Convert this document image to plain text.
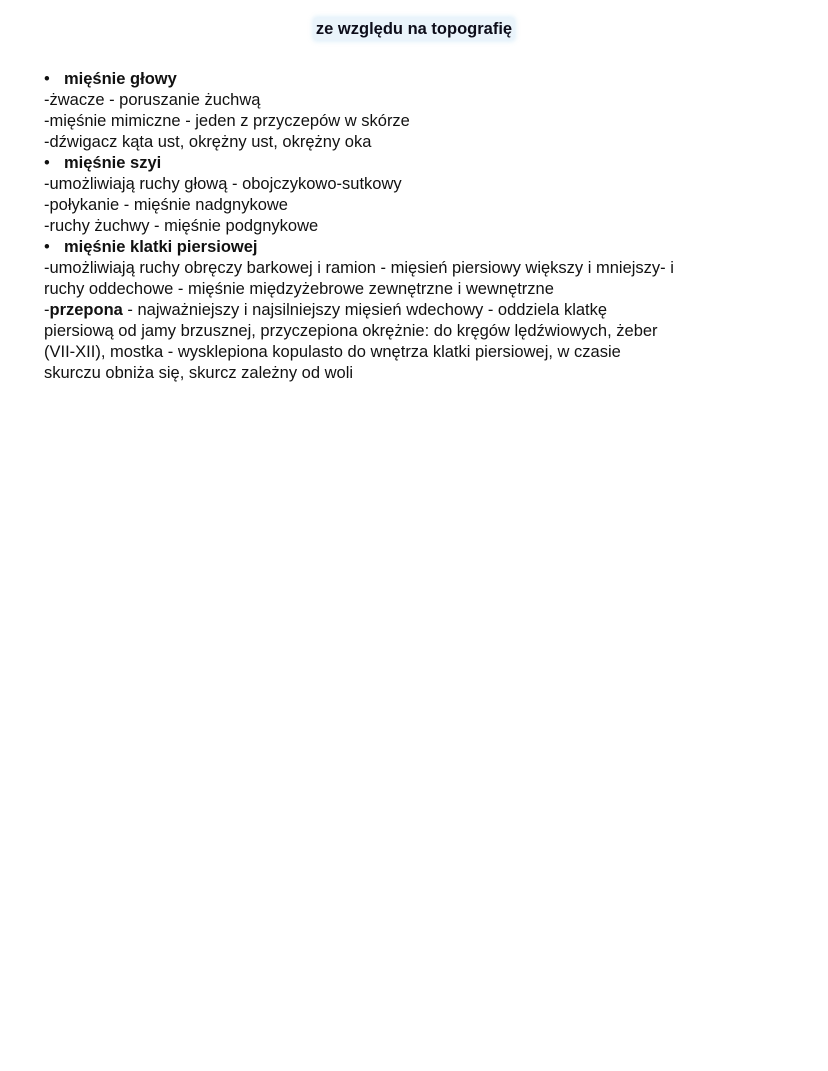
ze względu na topografię
• mięśnie głowy
-żwacze - poruszanie żuchwą
-mięśnie mimiczne - jeden z przyczepów w skórze
-dźwigacz kąta ust, okrężny ust, okrężny oka
• mięśnie szyi
-umożliwiają ruchy głową - obojczykowo-sutkowy
-połykanie - mięśnie nadgnykowe
-ruchy żuchwy - mięśnie podgnykowe
• mięśnie klatki piersiowej
-umożliwiają ruchy obręczy barkowej i ramion - mięsień piersiowy większy i mniejszy- i
ruchy oddechowe - mięśnie międzyżebrowe zewnętrzne i wewnętrzne
-przepona - najważniejszy i najsilniejszy mięsień wdechowy - oddziela klatkę
piersiową od jamy brzusznej, przyczepiona okrężnie: do kręgów lędźwiowych, żeber
(VII-XII), mostka - wysklepiona kopulasto do wnętrza klatki piersiowej, w czasie
skurczu obniża się, skurcz zależny od woli
